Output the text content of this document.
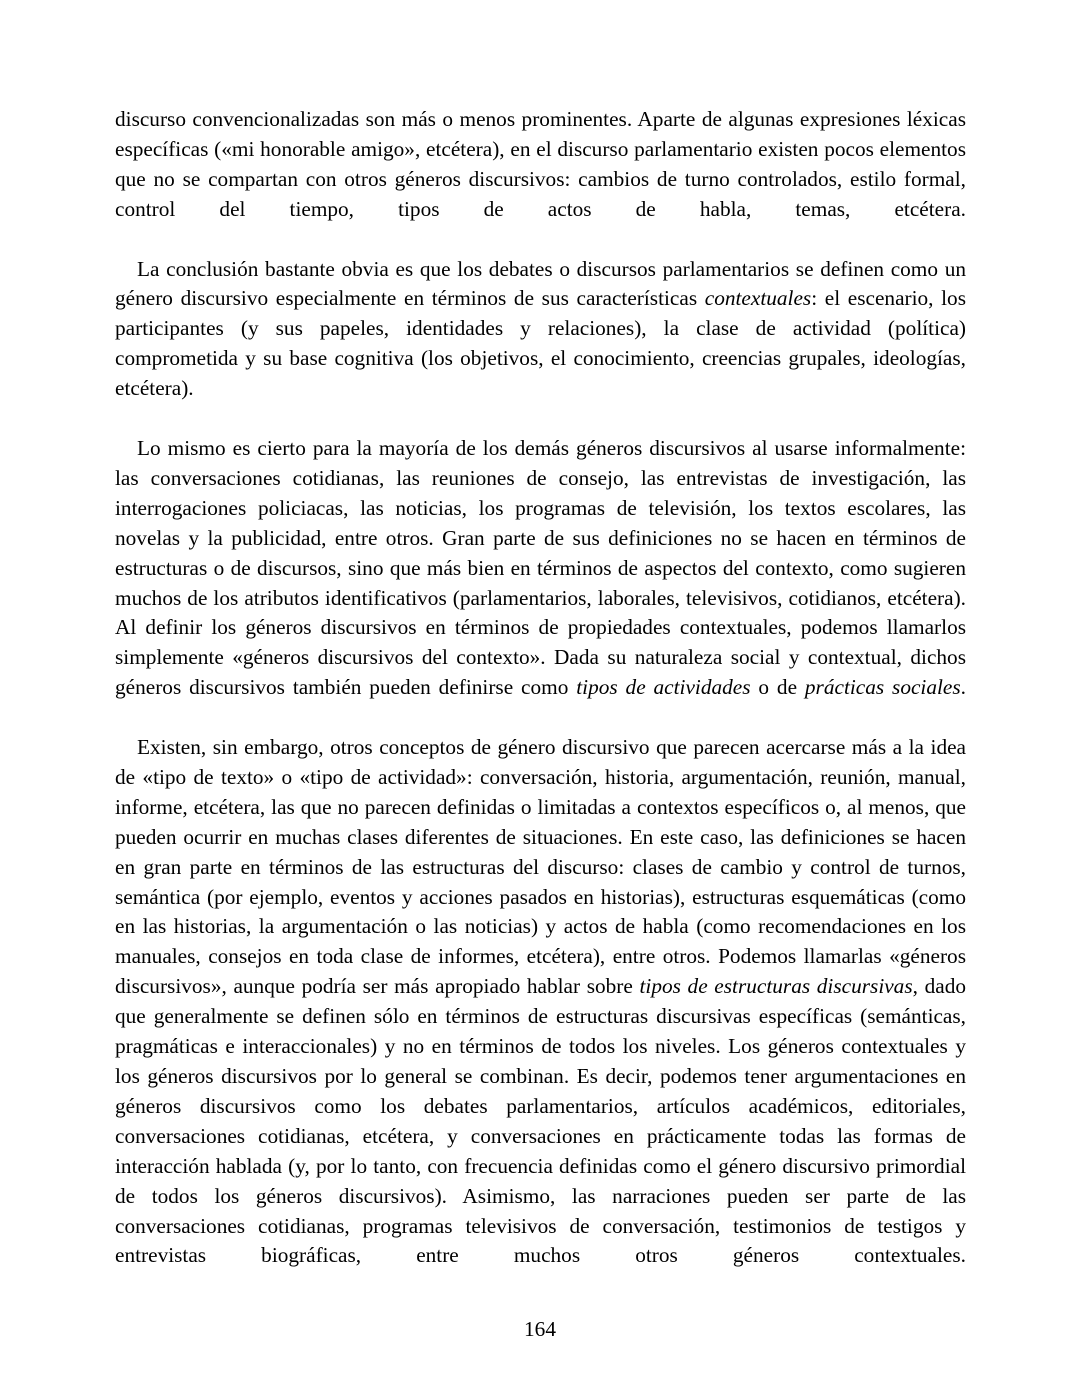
discurso convencionalizadas son más o menos prominentes. Aparte de algunas expresiones léxicas específicas («mi honorable amigo», etcétera), en el discurso parlamentario existen pocos elementos que no se compartan con otros géneros discursivos: cambios de turno controlados, estilo formal, control del tiempo, tipos de actos de habla, temas, etcétera.

La conclusión bastante obvia es que los debates o discursos parlamentarios se definen como un género discursivo especialmente en términos de sus características contextuales: el escenario, los participantes (y sus papeles, identidades y relaciones), la clase de actividad (política) comprometida y su base cognitiva (los objetivos, el conocimiento, creencias grupales, ideologías, etcétera).

Lo mismo es cierto para la mayoría de los demás géneros discursivos al usarse informalmente: las conversaciones cotidianas, las reuniones de consejo, las entrevistas de investigación, las interrogaciones policiacas, las noticias, los programas de televisión, los textos escolares, las novelas y la publicidad, entre otros. Gran parte de sus definiciones no se hacen en términos de estructuras o de discursos, sino que más bien en términos de aspectos del contexto, como sugieren muchos de los atributos identificativos (parlamentarios, laborales, televisivos, cotidianos, etcétera). Al definir los géneros discursivos en términos de propiedades contextuales, podemos llamarlos simplemente «géneros discursivos del contexto». Dada su naturaleza social y contextual, dichos géneros discursivos también pueden definirse como tipos de actividades o de prácticas sociales.

Existen, sin embargo, otros conceptos de género discursivo que parecen acercarse más a la idea de «tipo de texto» o «tipo de actividad»: conversación, historia, argumentación, reunión, manual, informe, etcétera, las que no parecen definidas o limitadas a contextos específicos o, al menos, que pueden ocurrir en muchas clases diferentes de situaciones. En este caso, las definiciones se hacen en gran parte en términos de las estructuras del discurso: clases de cambio y control de turnos, semántica (por ejemplo, eventos y acciones pasados en historias), estructuras esquemáticas (como en las historias, la argumentación o las noticias) y actos de habla (como recomendaciones en los manuales, consejos en toda clase de informes, etcétera), entre otros. Podemos llamarlas «géneros discursivos», aunque podría ser más apropiado hablar sobre tipos de estructuras discursivas, dado que generalmente se definen sólo en términos de estructuras discursivas específicas (semánticas, pragmáticas e interaccionales) y no en términos de todos los niveles. Los géneros contextuales y los géneros discursivos por lo general se combinan. Es decir, podemos tener argumentaciones en géneros discursivos como los debates parlamentarios, artículos académicos, editoriales, conversaciones cotidianas, etcétera, y conversaciones en prácticamente todas las formas de interacción hablada (y, por lo tanto, con frecuencia definidas como el género discursivo primordial de todos los géneros discursivos). Asimismo, las narraciones pueden ser parte de las conversaciones cotidianas, programas televisivos de conversación, testimonios de testigos y entrevistas biográficas, entre muchos otros géneros contextuales.

164
